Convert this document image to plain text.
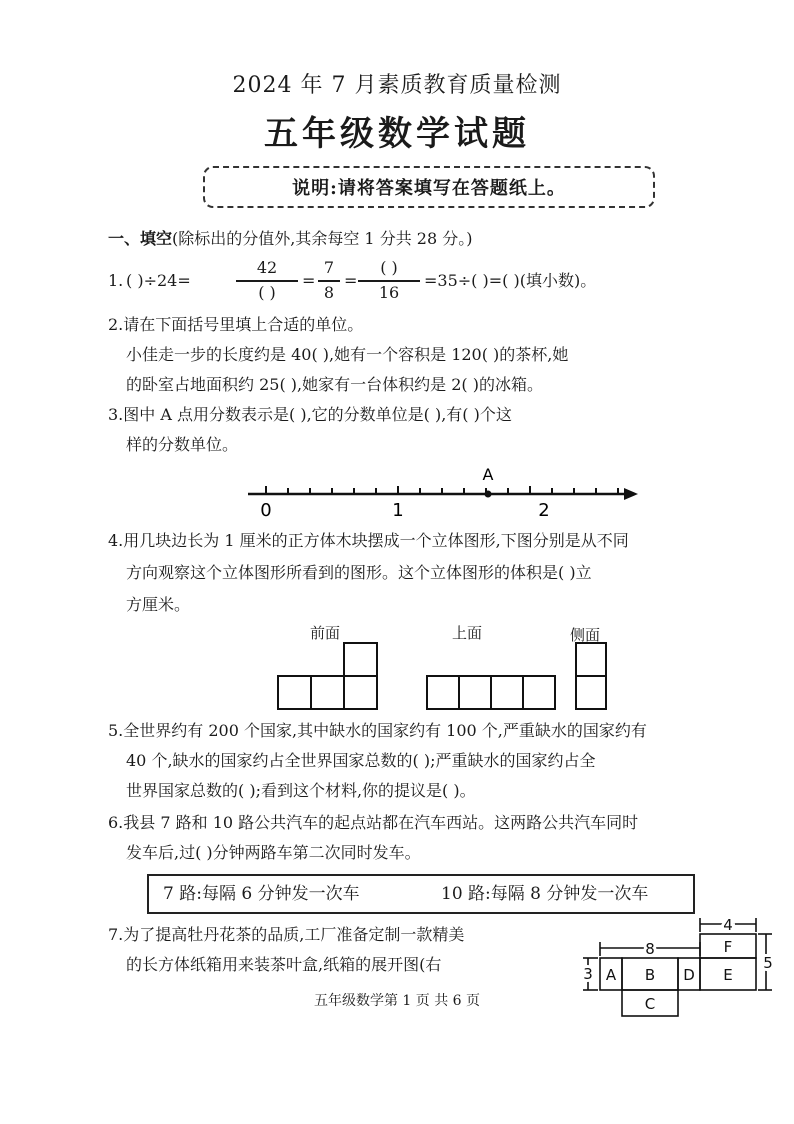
2024 年 7 月素质教育质量检测
五年级数学试题
说明:请将答案填写在答题纸上。
一、填空(除标出的分值外,其余每空 1 分共 28 分。)
1. ( )÷24=
42
( )
=
7
8
=
( )
16
=35÷( )=( )(填小数)。
2.请在下面括号里填上合适的单位。
小佳走一步的长度约是 40( ),她有一个容积是 120( )的茶杯,她
的卧室占地面积约 25( ),她家有一台体积约是 2( )的冰箱。
3.图中 A 点用分数表示是( ),它的分数单位是( ),有( )个这
样的分数单位。
A
0	1	2
4.用几块边长为 1 厘米的正方体木块摆成一个立体图形,下图分别是从不同
方向观察这个立体图形所看到的图形。这个立体图形的体积是( )立
方厘米。
前面	上面	侧面
5.全世界约有 200 个国家,其中缺水的国家约有 100 个,严重缺水的国家约有
40 个,缺水的国家约占全世界国家总数的( );严重缺水的国家约占全
世界国家总数的( );看到这个材料,你的提议是( )。
6.我县 7 路和 10 路公共汽车的起点站都在汽车西站。这两路公共汽车同时
发车后,过( )分钟两路车第二次同时发车。
7 路:每隔 6 分钟发一次车	10 路:每隔 8 分钟发一次车
7.为了提高牡丹花茶的品质,工厂准备定制一款精美
的长方体纸箱用来装茶叶盒,纸箱的展开图(右
8
4
3
5
A B
C
D E
F
五年级数学第 1 页 共 6 页
